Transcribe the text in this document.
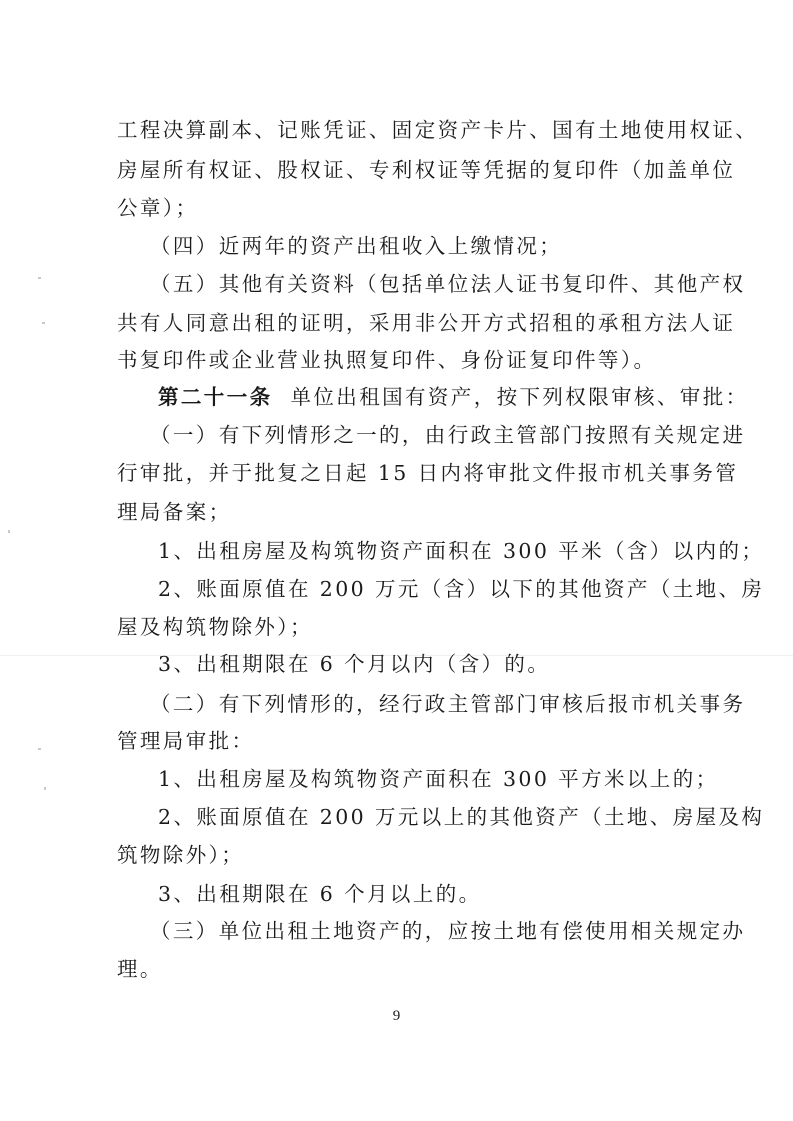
工程决算副本、记账凭证、固定资产卡片、国有土地使用权证、
房屋所有权证、股权证、专利权证等凭据的复印件（加盖单位
公章）；
（四）近两年的资产出租收入上缴情况；
（五）其他有关资料（包括单位法人证书复印件、其他产权
共有人同意出租的证明，采用非公开方式招租的承租方法人证
书复印件或企业营业执照复印件、身份证复印件等）。
第二十一条 单位出租国有资产，按下列权限审核、审批：
（一）有下列情形之一的，由行政主管部门按照有关规定进
行审批，并于批复之日起 15 日内将审批文件报市机关事务管
理局备案；
1、出租房屋及构筑物资产面积在 300 平米（含）以内的；
2、账面原值在 200 万元（含）以下的其他资产（土地、房
屋及构筑物除外）；
3、出租期限在 6 个月以内（含）的。
（二）有下列情形的，经行政主管部门审核后报市机关事务
管理局审批：
1、出租房屋及构筑物资产面积在 300 平方米以上的；
2、账面原值在 200 万元以上的其他资产（土地、房屋及构
筑物除外）；
3、出租期限在 6 个月以上的。
（三）单位出租土地资产的，应按土地有偿使用相关规定办
理。
9
